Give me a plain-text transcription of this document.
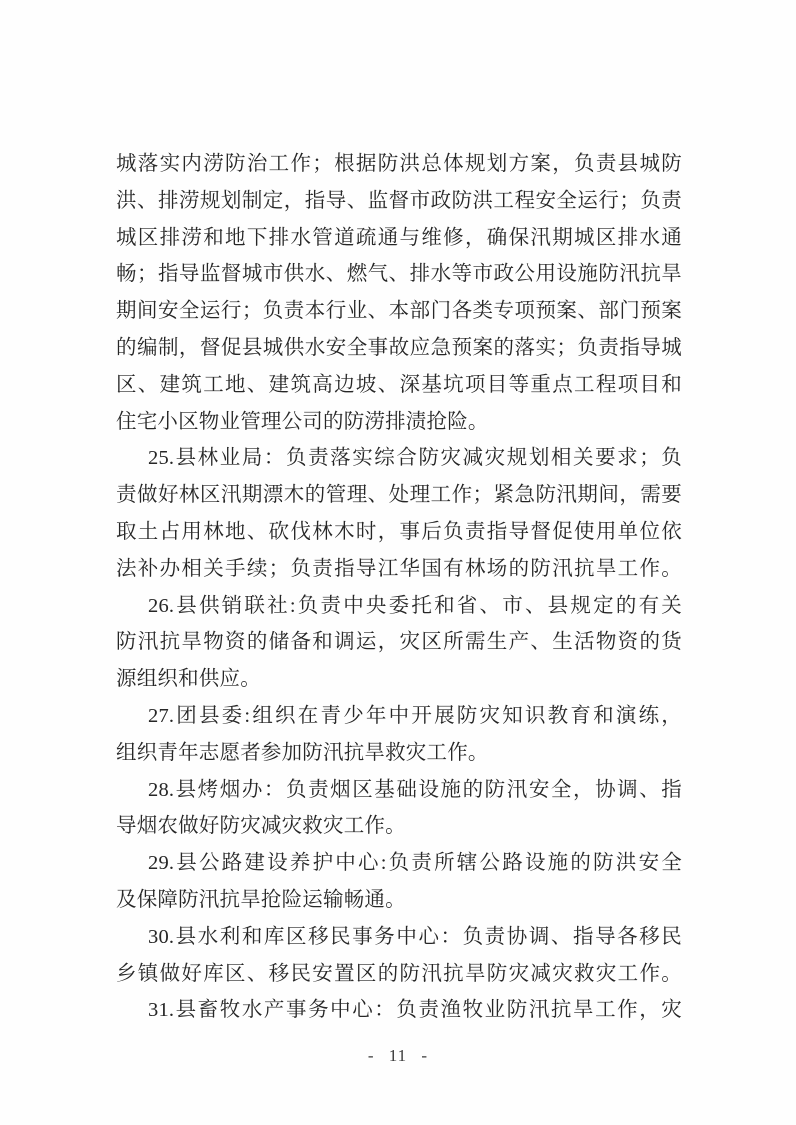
城落实内涝防治工作；根据防洪总体规划方案，负责县城防
洪、排涝规划制定，指导、监督市政防洪工程安全运行；负责
城区排涝和地下排水管道疏通与维修，确保汛期城区排水通
畅；指导监督城市供水、燃气、排水等市政公用设施防汛抗旱
期间安全运行；负责本行业、本部门各类专项预案、部门预案
的编制，督促县城供水安全事故应急预案的落实；负责指导城
区、建筑工地、建筑高边坡、深基坑项目等重点工程项目和
住宅小区物业管理公司的防涝排渍抢险。
25.县林业局：负责落实综合防灾减灾规划相关要求；负
责做好林区汛期漂木的管理、处理工作；紧急防汛期间，需要
取土占用林地、砍伐林木时，事后负责指导督促使用单位依
法补办相关手续；负责指导江华国有林场的防汛抗旱工作。
26.县供销联社:负责中央委托和省、市、县规定的有关
防汛抗旱物资的储备和调运，灾区所需生产、生活物资的货
源组织和供应。
27.团县委:组织在青少年中开展防灾知识教育和演练，
组织青年志愿者参加防汛抗旱救灾工作。
28.县烤烟办：负责烟区基础设施的防汛安全，协调、指
导烟农做好防灾减灾救灾工作。
29.县公路建设养护中心:负责所辖公路设施的防洪安全
及保障防汛抗旱抢险运输畅通。
30.县水利和库区移民事务中心：负责协调、指导各移民
乡镇做好库区、移民安置区的防汛抗旱防灾减灾救灾工作。
31.县畜牧水产事务中心：负责渔牧业防汛抗旱工作，灾
- 11 -
